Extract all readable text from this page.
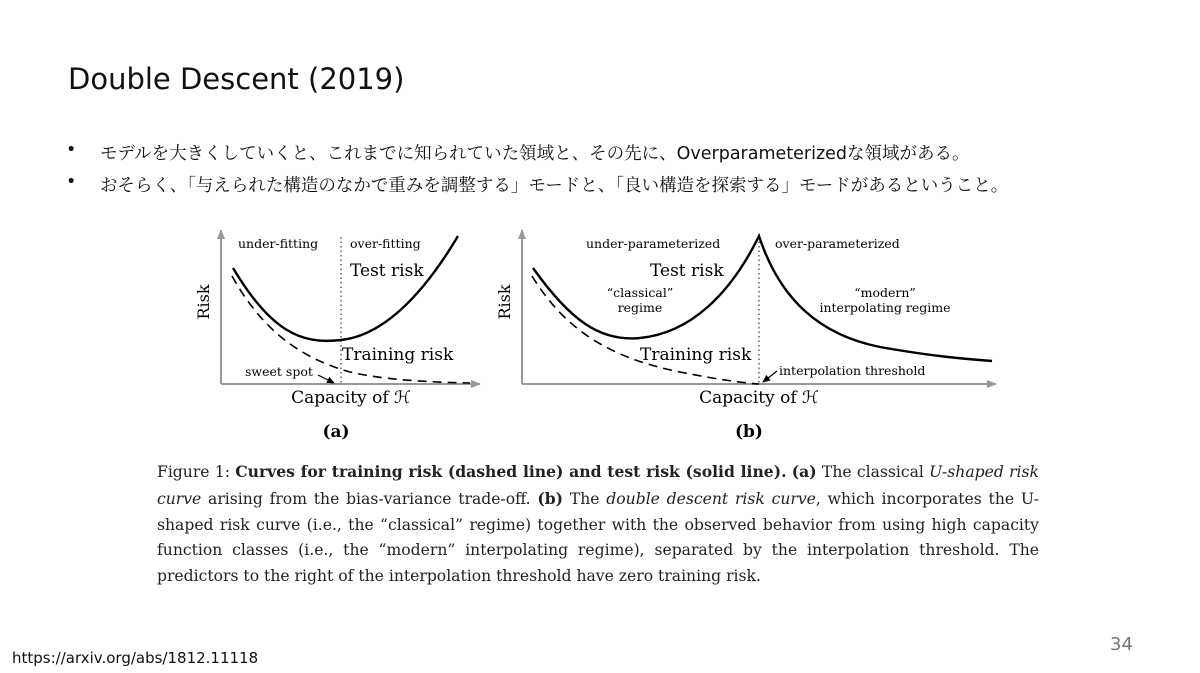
Double Descent (2019)
• モデルを大きくしていくと、これまでに知られていた領域と、その先に、Overparameterizedな領域がある。
• おそらく、「与えられた構造のなかで重みを調整する」モードと、「良い構造を探索する」モードがあるということ。
under-fitting	over-fitting
Test risk
Training risk
sweet spot
Risk
Capacity of ℋ
(a)
under-parameterized	over-parameterized
Test risk
“classical”
regime
“modern”
interpolating regime
Training risk
interpolation threshold
Risk
Capacity of ℋ
(b)
Figure 1: Curves for training risk (dashed line) and test risk (solid line). (a) The classical U-shaped risk curve arising from the bias-variance trade-off. (b) The double descent risk curve, which incorporates the U-shaped risk curve (i.e., the “classical” regime) together with the observed behavior from using high capacity function classes (i.e., the “modern” interpolating regime), separated by the interpolation threshold. The predictors to the right of the interpolation threshold have zero training risk.
https://arxiv.org/abs/1812.11118
34
